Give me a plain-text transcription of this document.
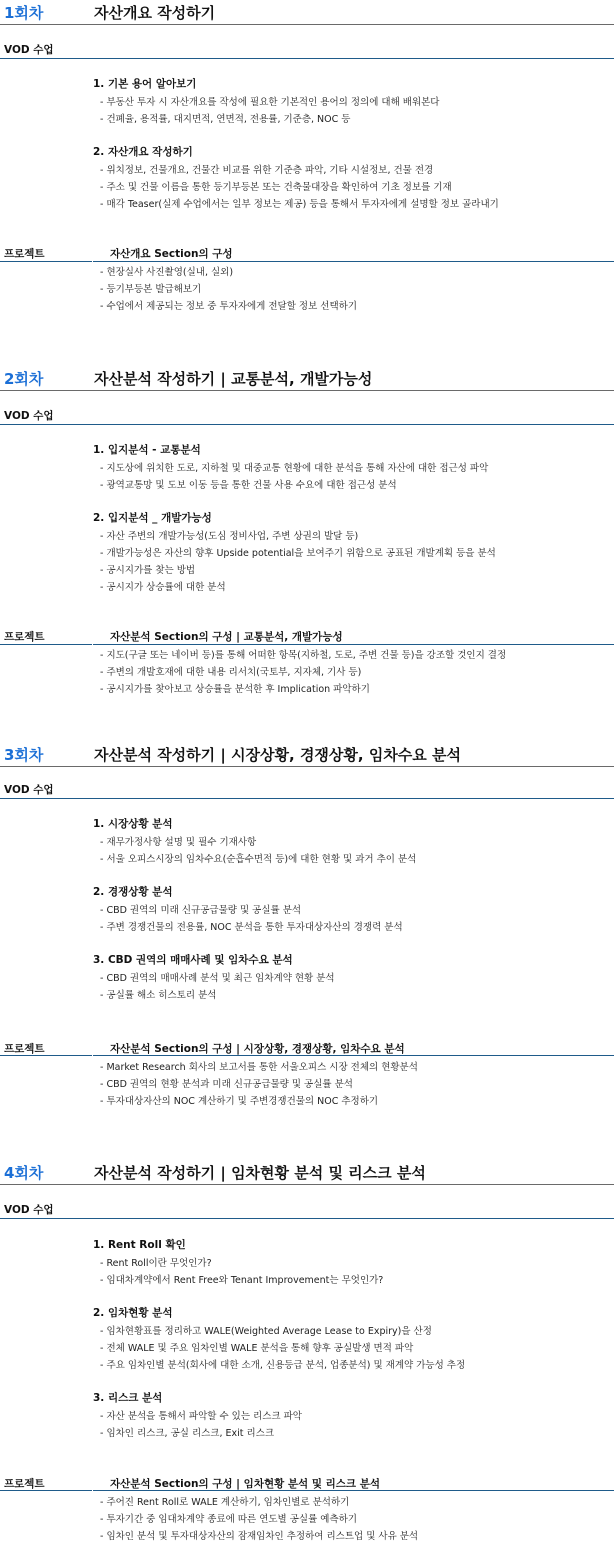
1회차	자산개요 작성하기
VOD 수업
1. 기본 용어 알아보기
- 부동산 투자 시 자산개요를 작성에 필요한 기본적인 용어의 정의에 대해 배워본다
- 건폐율, 용적률, 대지면적, 연면적, 전용률, 기준층, NOC 등
2. 자산개요 작성하기
- 위치정보, 건물개요, 건물간 비교를 위한 기준층 파악, 기타 시설정보, 건물 전경
- 주소 및 건물 이름을 통한 등기부등본 또는 건축물대장을 확인하여 기초 정보를 기재
- 매각 Teaser(실제 수업에서는 일부 정보는 제공) 등을 통해서 투자자에게 설명할 정보 골라내기
프로젝트	자산개요 Section의 구성
- 현장실사 사진촬영(실내, 실외)
- 등기부등본 발급해보기
- 수업에서 제공되는 정보 중 투자자에게 전달할 정보 선택하기
2회차	자산분석 작성하기 | 교통분석, 개발가능성
VOD 수업
1. 입지분석 - 교통분석
- 지도상에 위치한 도로, 지하철 및 대중교통 현황에 대한 분석을 통해 자산에 대한 접근성 파악
- 광역교통망 및 도보 이동 등을 통한 건물 사용 수요에 대한 접근성 분석
2. 입지분석 _ 개발가능성
- 자산 주변의 개발가능성(도심 정비사업, 주변 상권의 발달 등)
- 개발가능성은 자산의 향후 Upside potential을 보여주기 위함으로 공표된 개발계획 등을 분석
- 공시지가를 찾는 방법
- 공시지가 상승률에 대한 분석
프로젝트	자산분석 Section의 구성 | 교통분석, 개발가능성
- 지도(구글 또는 네이버 등)를 통해 어떠한 항목(지하철, 도로, 주변 건물 등)을 강조할 것인지 결정
- 주변의 개발호재에 대한 내용 리서치(국토부, 지자체, 기사 등)
- 공시지가를 찾아보고 상승률을 분석한 후 Implication 파악하기
3회차	자산분석 작성하기 | 시장상황, 경쟁상황, 임차수요 분석
VOD 수업
1. 시장상황 분석
- 재무가정사항 설명 및 필수 기재사항
- 서울 오피스시장의 임차수요(순흡수면적 등)에 대한 현황 및 과거 추이 분석
2. 경쟁상황 분석
- CBD 권역의 미래 신규공급물량 및 공실률 분석
- 주변 경쟁건물의 전용률, NOC 분석을 통한 투자대상자산의 경쟁력 분석
3. CBD 권역의 매매사례 및 임차수요 분석
- CBD 권역의 매매사례 분석 및 최근 임차계약 현황 분석
- 공실률 해소 히스토리 분석
프로젝트	자산분석 Section의 구성 | 시장상황, 경쟁상황, 임차수요 분석
- Market Research 회사의 보고서를 통한 서울오피스 시장 전체의 현황분석
- CBD 권역의 현황 분석과 미래 신규공급물량 및 공실률 분석
- 투자대상자산의 NOC 계산하기 및 주변경쟁건물의 NOC 추정하기
4회차	자산분석 작성하기 | 임차현황 분석 및 리스크 분석
VOD 수업
1. Rent Roll 확인
- Rent Roll이란 무엇인가?
- 임대차계약에서 Rent Free와 Tenant Improvement는 무엇인가?
2. 임차현황 분석
- 임차현황표를 정리하고 WALE(Weighted Average Lease to Expiry)을 산정
- 전체 WALE 및 주요 임차인별 WALE 분석을 통해 향후 공실발생 면적 파악
- 주요 임차인별 분석(회사에 대한 소개, 신용등급 분석, 업종분석) 및 재계약 가능성 추정
3. 리스크 분석
- 자산 분석을 통해서 파악할 수 있는 리스크 파악
- 임차인 리스크, 공실 리스크, Exit 리스크
프로젝트	자산분석 Section의 구성 | 임차현황 분석 및 리스크 분석
- 주어진 Rent Roll로 WALE 계산하기, 임차인별로 분석하기
- 투자기간 중 임대차계약 종료에 따른 연도별 공실률 예측하기
- 임차인 분석 및 투자대상자산의 잠재임차인 추정하여 리스트업 및 사유 분석
